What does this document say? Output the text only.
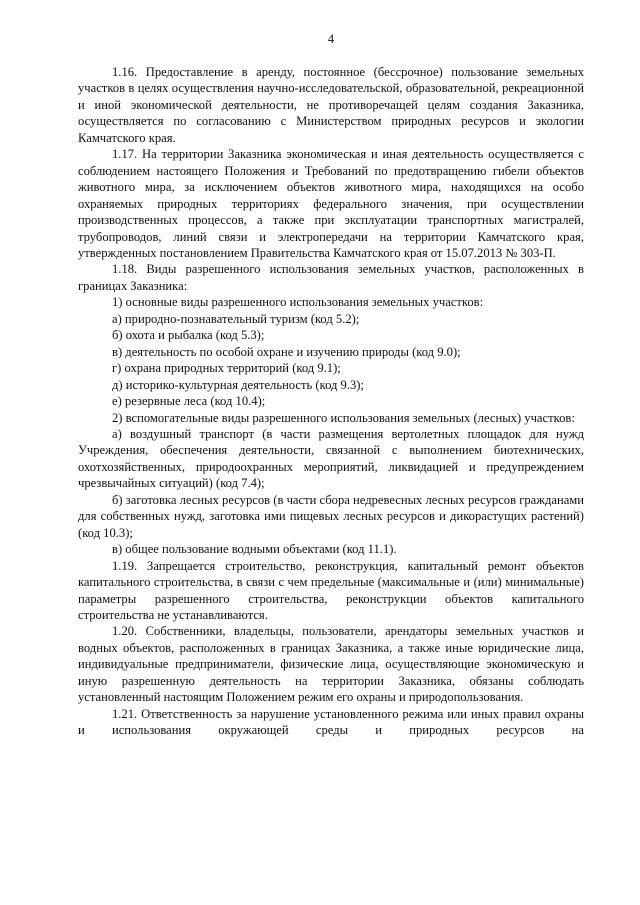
4

1.16. Предоставление в аренду, постоянное (бессрочное) пользование земельных участков в целях осуществления научно-исследовательской, образовательной, рекреационной и иной экономической деятельности, не противоречащей целям создания Заказника, осуществляется по согласованию с Министерством природных ресурсов и экологии Камчатского края.

1.17. На территории Заказника экономическая и иная деятельность осуществляется с соблюдением настоящего Положения и Требований по предотвращению гибели объектов животного мира, за исключением объектов животного мира, находящихся на особо охраняемых природных территориях федерального значения, при осуществлении производственных процессов, а также при эксплуатации транспортных магистралей, трубопроводов, линий связи и электропередачи на территории Камчатского края, утвержденных постановлением Правительства Камчатского края от 15.07.2013 № 303-П.

1.18. Виды разрешенного использования земельных участков, расположенных в границах Заказника:

1) основные виды разрешенного использования земельных участков:

а) природно-познавательный туризм (код 5.2);

б) охота и рыбалка (код 5.3);

в) деятельность по особой охране и изучению природы (код 9.0);

г) охрана природных территорий (код 9.1);

д) историко-культурная деятельность (код 9.3);

е) резервные леса (код 10.4);

2) вспомогательные виды разрешенного использования земельных (лесных) участков:

а) воздушный транспорт (в части размещения вертолетных площадок для нужд Учреждения, обеспечения деятельности, связанной с выполнением биотехнических, охотхозяйственных, природоохранных мероприятий, ликвидацией и предупреждением чрезвычайных ситуаций) (код 7.4);

б) заготовка лесных ресурсов (в части сбора недревесных лесных ресурсов гражданами для собственных нужд, заготовка ими пищевых лесных ресурсов и дикорастущих растений) (код 10.3);

в) общее пользование водными объектами (код 11.1).

1.19. Запрещается строительство, реконструкция, капитальный ремонт объектов капитального строительства, в связи с чем предельные (максимальные и (или) минимальные) параметры разрешенного строительства, реконструкции объектов капитального строительства не устанавливаются.

1.20. Собственники, владельцы, пользователи, арендаторы земельных участков и водных объектов, расположенных в границах Заказника, а также иные юридические лица, индивидуальные предприниматели, физические лица, осуществляющие экономическую и иную разрешенную деятельность на территории Заказника, обязаны соблюдать установленный настоящим Положением режим его охраны и природопользования.

1.21. Ответственность за нарушение установленного режима или иных правил охраны и использования окружающей среды и природных ресурсов на
